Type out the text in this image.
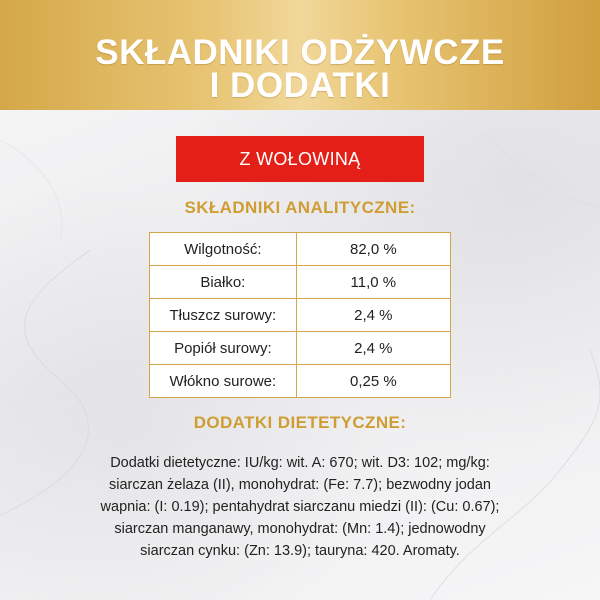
SKŁADNIKI ODŻYWCZE
I DODATKI
Z WOŁOWINĄ
SKŁADNIKI ANALITYCZNE:
Wilgotność:	82,0 %
Białko:	11,0 %
Tłuszcz surowy:	2,4 %
Popiół surowy:	2,4 %
Włókno surowe:	0,25 %
DODATKI DIETETYCZNE:
Dodatki dietetyczne: IU/kg: wit. A: 670; wit. D3: 102; mg/kg:
siarczan żelaza (II), monohydrat: (Fe: 7.7); bezwodny jodan
wapnia: (I: 0.19); pentahydrat siarczanu miedzi (II): (Cu: 0.67);
siarczan manganawy, monohydrat: (Mn: 1.4); jednowodny
siarczan cynku: (Zn: 13.9); tauryna: 420. Aromaty.
